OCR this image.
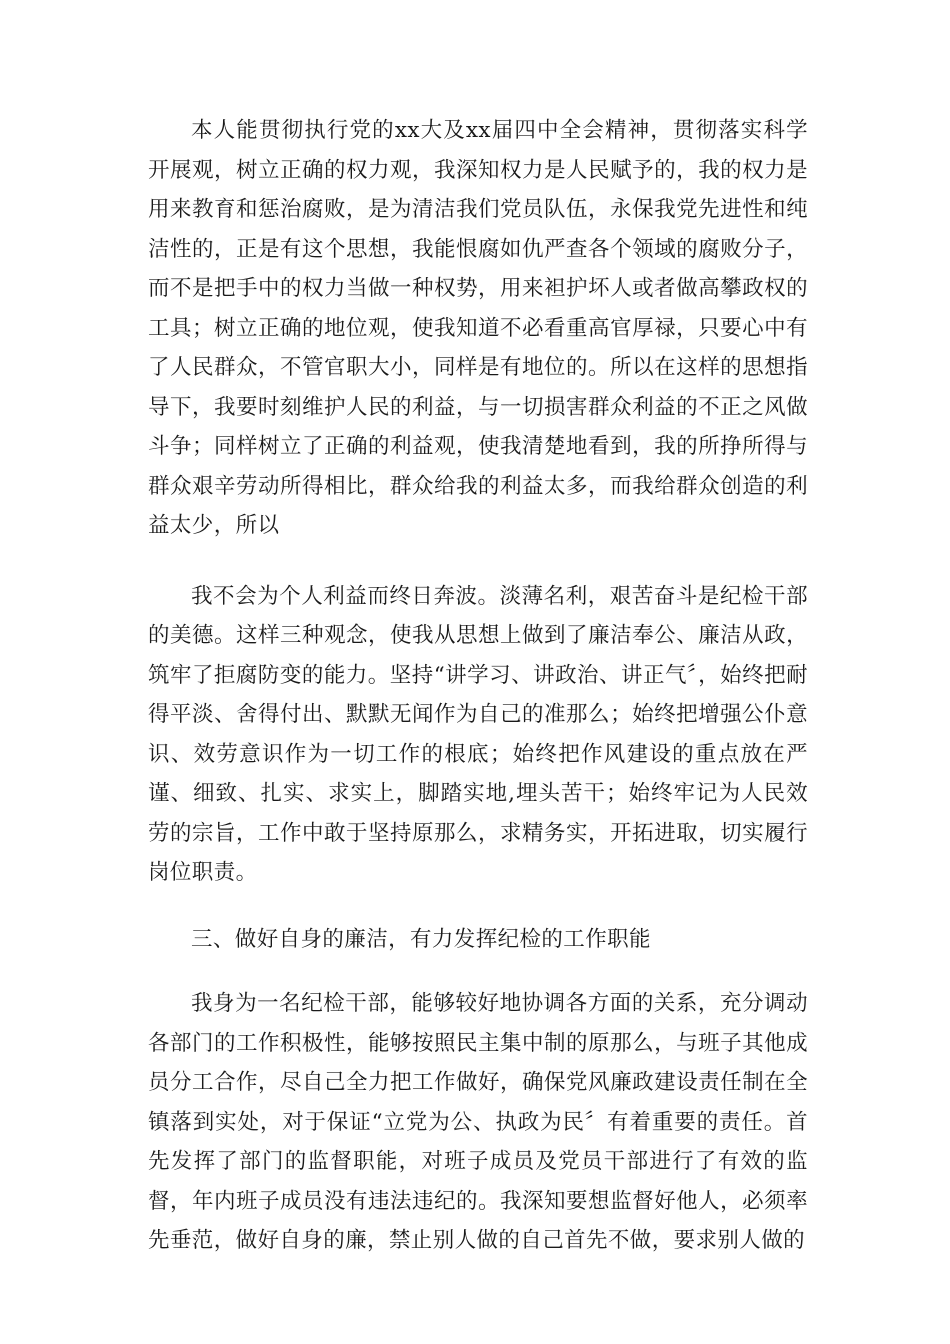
本人能贯彻执行党的xx大及xx届四中全会精神，贯彻落实科学开展观，树立正确的权力观，我深知权力是人民赋予的，我的权力是用来教育和惩治腐败，是为清洁我们党员队伍，永保我党先进性和纯洁性的，正是有这个思想，我能恨腐如仇严查各个领域的腐败分子，而不是把手中的权力当做一种权势，用来袒护坏人或者做高攀政权的工具；树立正确的地位观，使我知道不必看重高官厚禄，只要心中有了人民群众，不管官职大小，同样是有地位的。所以在这样的思想指导下，我要时刻维护人民的利益，与一切损害群众利益的不正之风做斗争；同样树立了正确的利益观，使我清楚地看到，我的所挣所得与群众艰辛劳动所得相比，群众给我的利益太多，而我给群众创造的利益太少，所以

我不会为个人利益而终日奔波。淡薄名利，艰苦奋斗是纪检干部的美德。这样三种观念，使我从思想上做到了廉洁奉公、廉洁从政，筑牢了拒腐防变的能力。坚持“讲学习、讲政治、讲正气〞，始终把耐得平淡、舍得付出、默默无闻作为自己的准那么；始终把增强公仆意识、效劳意识作为一切工作的根底；始终把作风建设的重点放在严谨、细致、扎实、求实上，脚踏实地,埋头苦干；始终牢记为人民效劳的宗旨，工作中敢于坚持原那么，求精务实，开拓进取，切实履行岗位职责。

三、做好自身的廉洁，有力发挥纪检的工作职能

我身为一名纪检干部，能够较好地协调各方面的关系，充分调动各部门的工作积极性，能够按照民主集中制的原那么，与班子其他成员分工合作，尽自己全力把工作做好，确保党风廉政建设责任制在全镇落到实处，对于保证“立党为公、执政为民〞有着重要的责任。首先发挥了部门的监督职能，对班子成员及党员干部进行了有效的监督，年内班子成员没有违法违纪的。我深知要想监督好他人，必须率先垂范，做好自身的廉，禁止别人做的自己首先不做，要求别人做的
